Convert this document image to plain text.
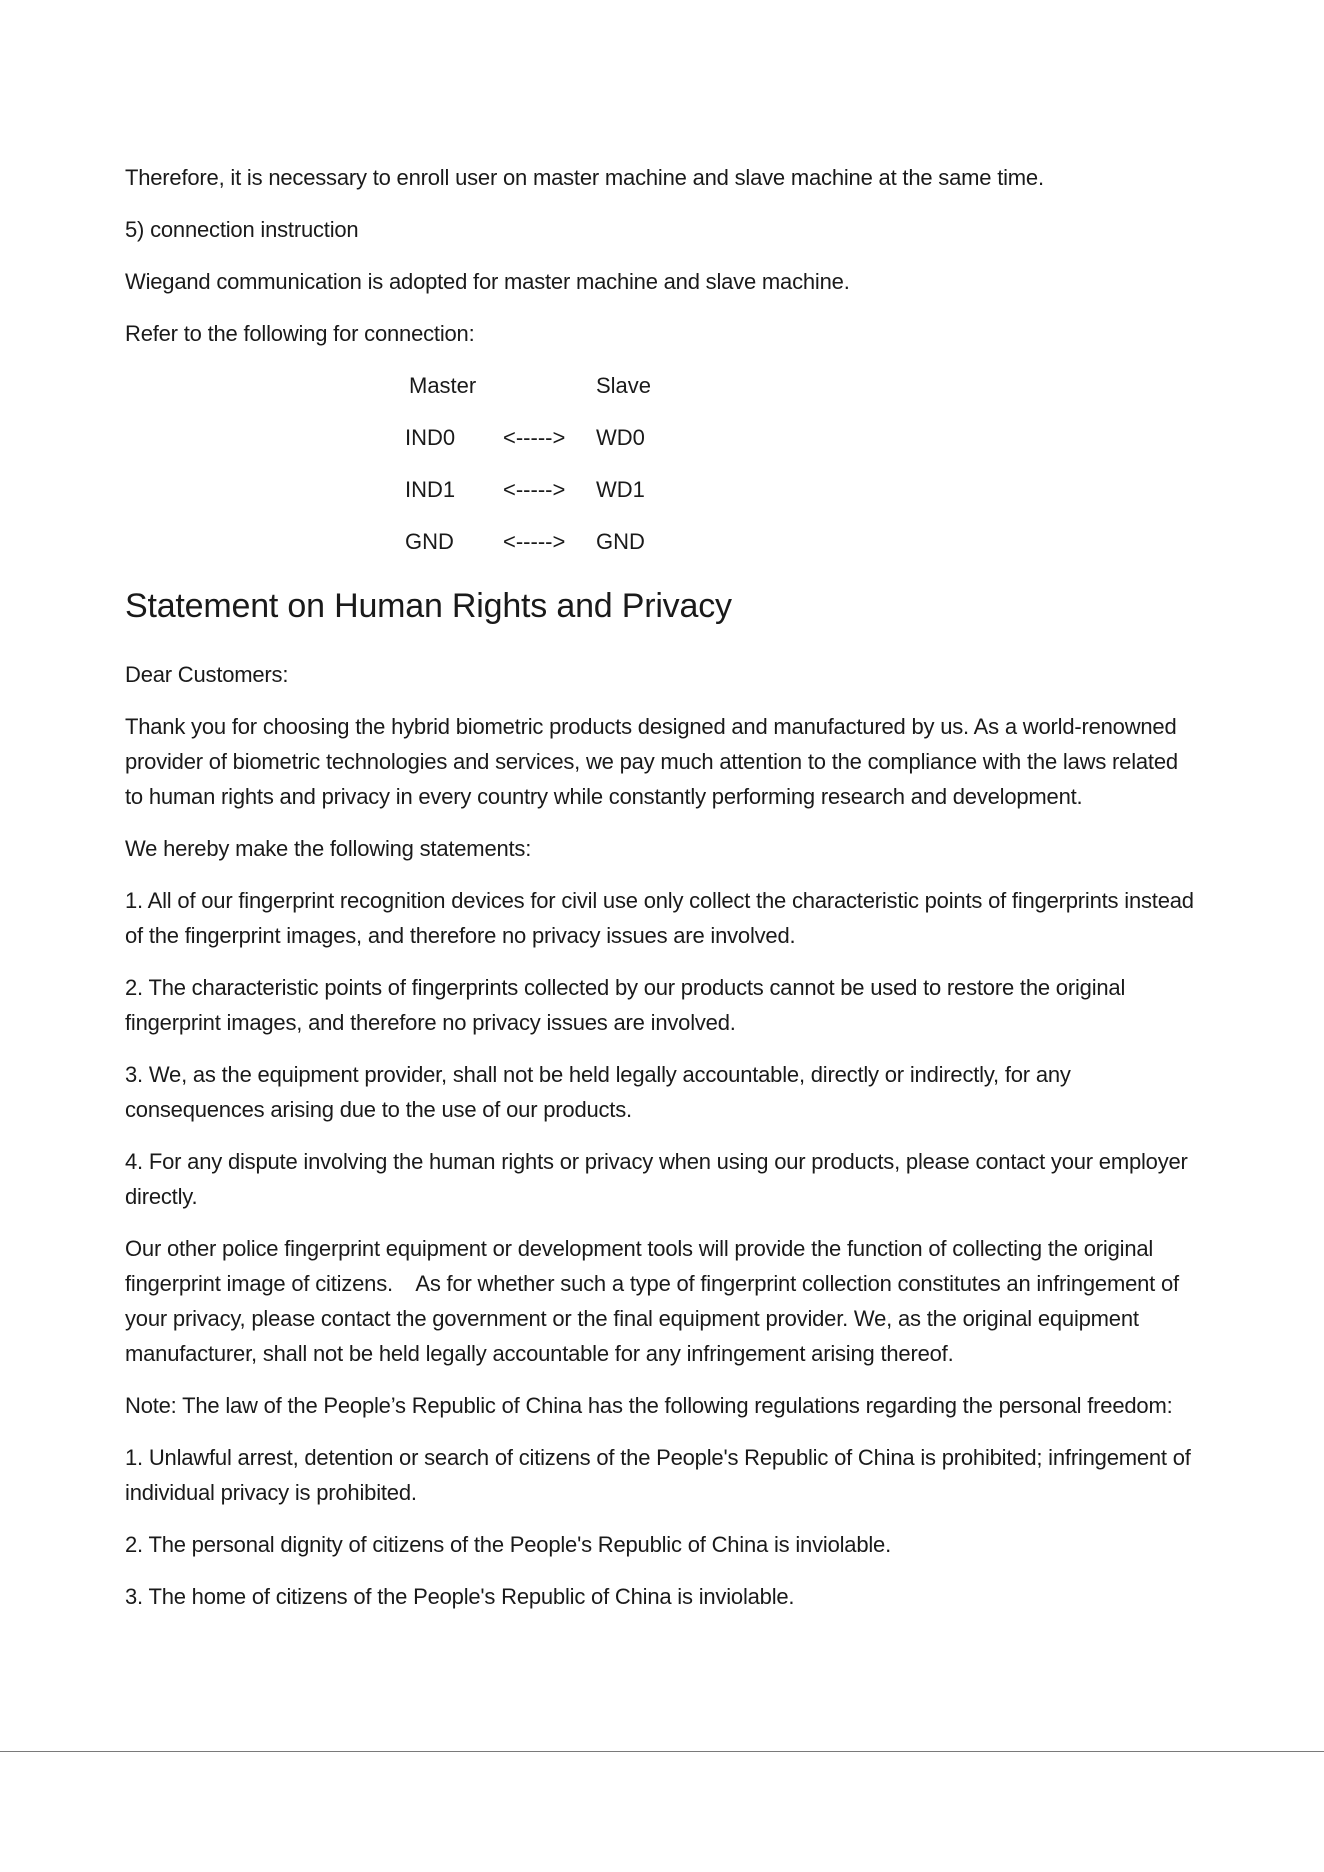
Therefore, it is necessary to enroll user on master machine and slave machine at the same time.

5) connection instruction

Wiegand communication is adopted for master machine and slave machine.

Refer to the following for connection:

Master		Slave
IND0	<----->	WD0
IND1	<----->	WD1
GND	<----->	GND
Statement on Human Rights and Privacy

Dear Customers:

Thank you for choosing the hybrid biometric products designed and manufactured by us. As a world-renowned provider of biometric technologies and services, we pay much attention to the compliance with the laws related to human rights and privacy in every country while constantly performing research and development.

We hereby make the following statements:

1. All of our fingerprint recognition devices for civil use only collect the characteristic points of fingerprints instead of the fingerprint images, and therefore no privacy issues are involved.

2. The characteristic points of fingerprints collected by our products cannot be used to restore the original fingerprint images, and therefore no privacy issues are involved.

3. We, as the equipment provider, shall not be held legally accountable, directly or indirectly, for any consequences arising due to the use of our products.

4. For any dispute involving the human rights or privacy when using our products, please contact your employer directly.

Our other police fingerprint equipment or development tools will provide the function of collecting the original fingerprint image of citizens.    As for whether such a type of fingerprint collection constitutes an infringement of your privacy, please contact the government or the final equipment provider. We, as the original equipment manufacturer, shall not be held legally accountable for any infringement arising thereof.

Note: The law of the People’s Republic of China has the following regulations regarding the personal freedom:

1. Unlawful arrest, detention or search of citizens of the People's Republic of China is prohibited; infringement of individual privacy is prohibited.

2. The personal dignity of citizens of the People's Republic of China is inviolable.

3. The home of citizens of the People's Republic of China is inviolable.
